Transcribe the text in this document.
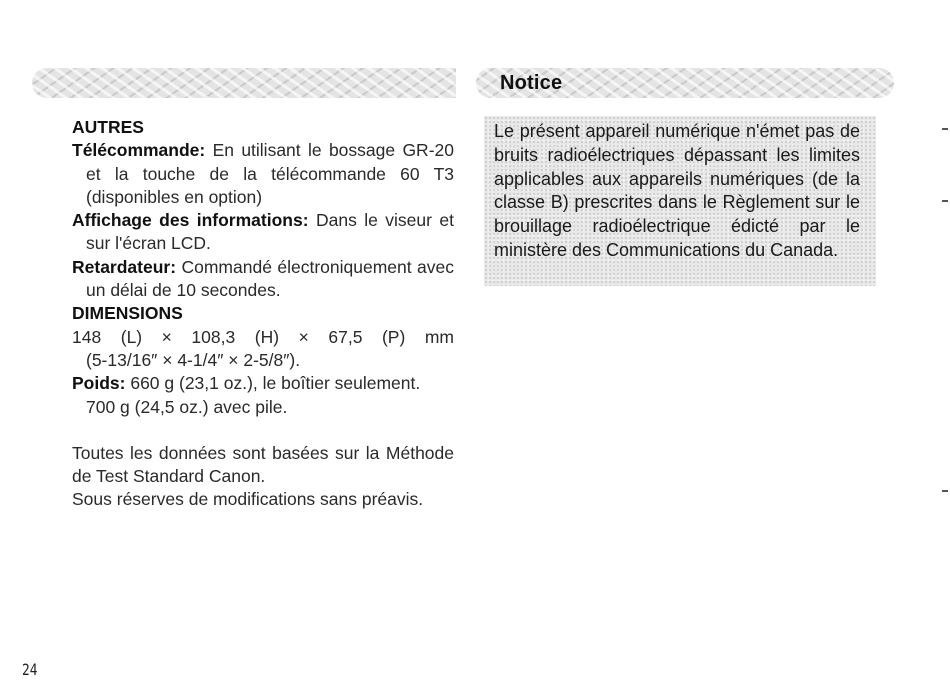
Notice
AUTRES
Télécommande: En utilisant le bossage GR-20 et la touche de la télécommande 60 T3 (disponibles en option)
Affichage des informations: Dans le viseur et sur l'écran LCD.
Retardateur: Commandé électroniquement avec un délai de 10 secondes.
DIMENSIONS
148 (L) × 108,3 (H) × 67,5 (P) mm
(5-13/16″ × 4-1/4″ × 2-5/8″).
Poids: 660 g (23,1 oz.), le boîtier seulement.
700 g (24,5 oz.) avec pile.
Toutes les données sont basées sur la Méthode de Test Standard Canon.
Sous réserves de modifications sans préavis.
Le présent appareil numérique n'émet pas de bruits radioélectriques dépassant les limites applicables aux appareils numériques (de la classe B) prescrites dans le Règlement sur le brouillage radioélectrique édicté par le ministère des Communications du Canada.
24
